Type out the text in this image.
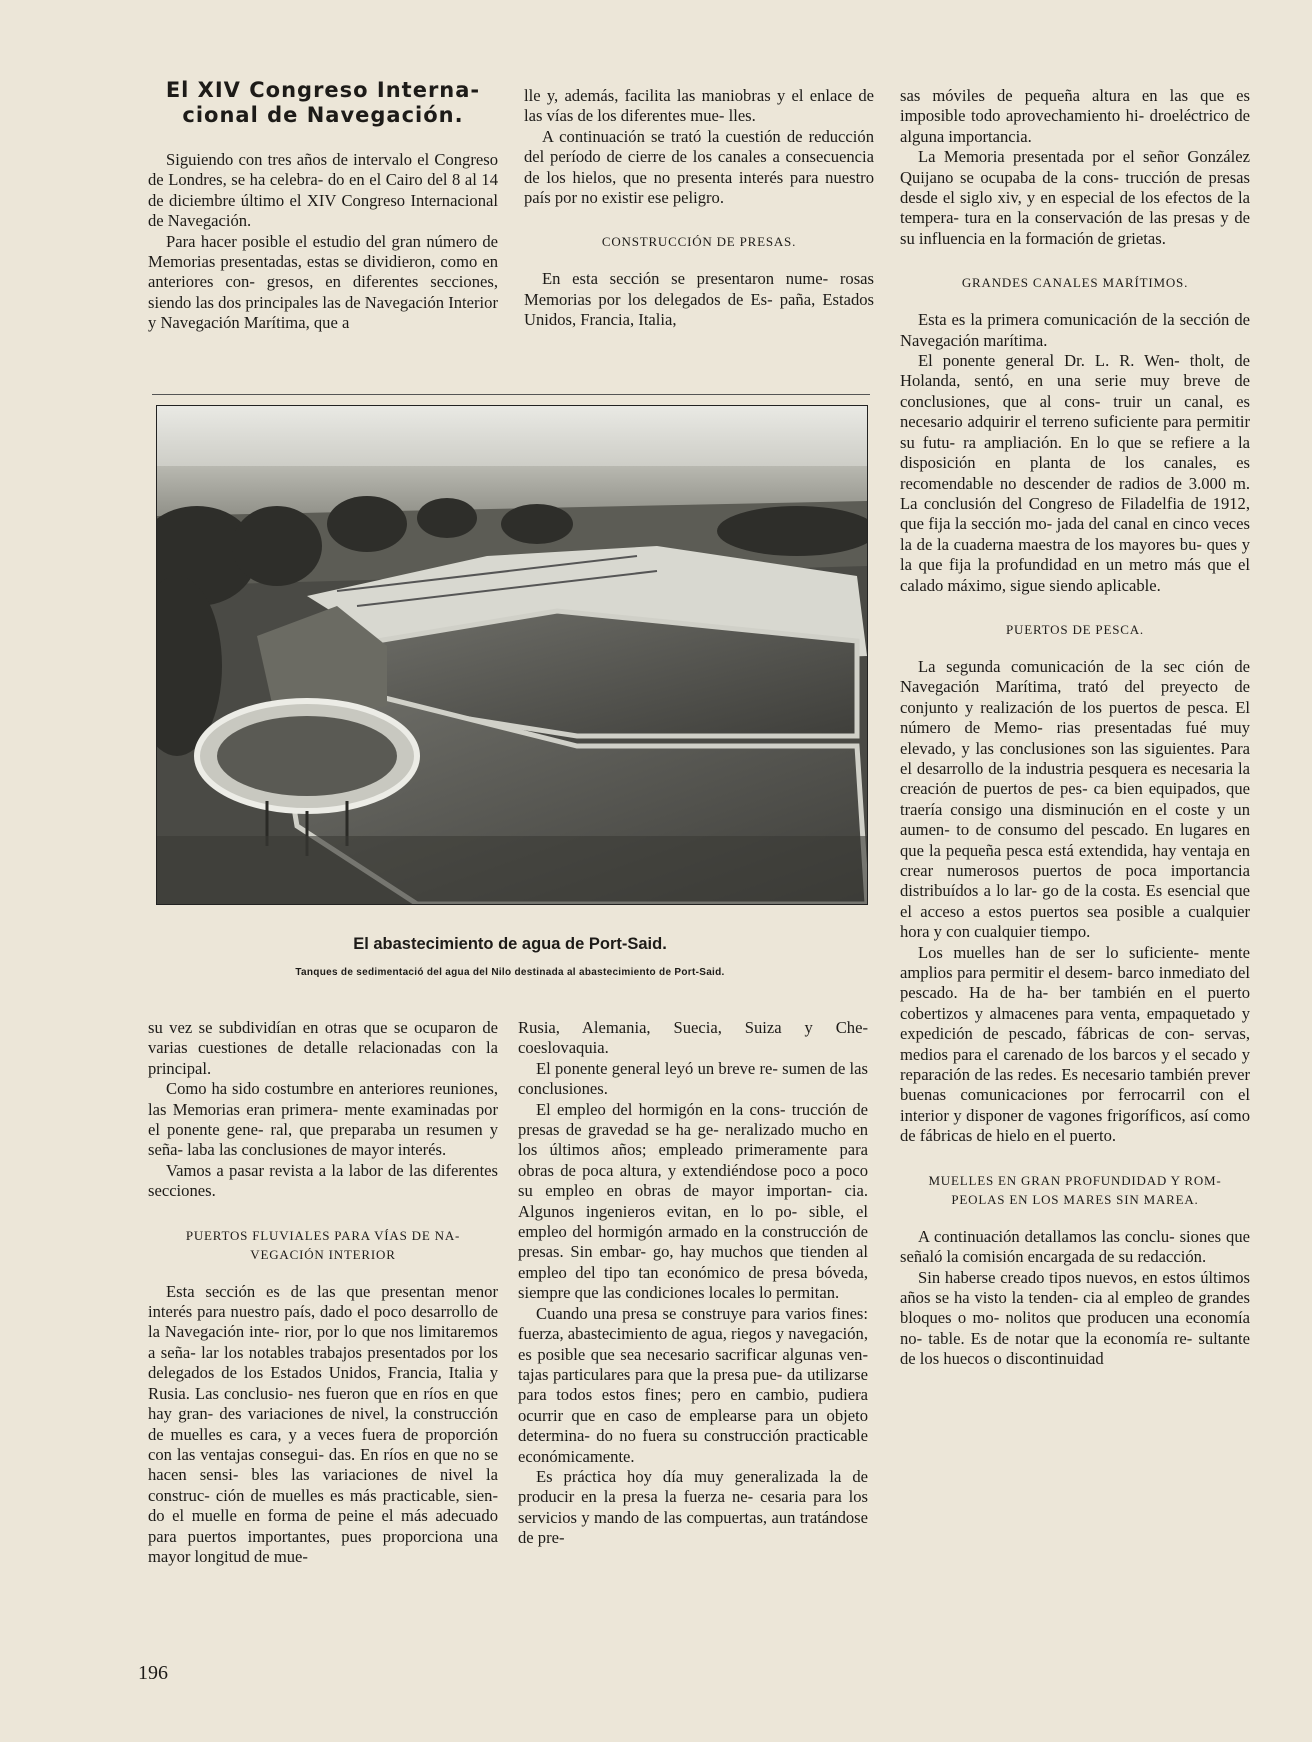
El XIV Congreso Interna- cional de Navegación.

Siguiendo con tres años de intervalo el Congreso de Londres, se ha celebra- do en el Cairo del 8 al 14 de diciembre último el XIV Congreso Internacional de Navegación.

Para hacer posible el estudio del gran número de Memorias presentadas, estas se dividieron, como en anteriores con- gresos, en diferentes secciones, siendo las dos principales las de Navegación Interior y Navegación Marítima, que a

lle y, además, facilita las maniobras y el enlace de las vías de los diferentes mue- lles.

A continuación se trató la cuestión de reducción del período de cierre de los canales a consecuencia de los hielos, que no presenta interés para nuestro país por no existir ese peligro.

CONSTRUCCIÓN DE PRESAS.

En esta sección se presentaron nume- rosas Memorias por los delegados de Es- paña, Estados Unidos, Francia, Italia,

sas móviles de pequeña altura en las que es imposible todo aprovechamiento hi- droeléctrico de alguna importancia.

La Memoria presentada por el señor González Quijano se ocupaba de la cons- trucción de presas desde el siglo xiv, y en especial de los efectos de la tempera- tura en la conservación de las presas y de su influencia en la formación de grietas.

GRANDES CANALES MARÍTIMOS.

Esta es la primera comunicación de la sección de Navegación marítima.

El ponente general Dr. L. R. Wen- tholt, de Holanda, sentó, en una serie muy breve de conclusiones, que al cons- truir un canal, es necesario adquirir el terreno suficiente para permitir su futu- ra ampliación. En lo que se refiere a la disposición en planta de los canales, es recomendable no descender de radios de 3.000 m. La conclusión del Congreso de Filadelfia de 1912, que fija la sección mo- jada del canal en cinco veces la de la cuaderna maestra de los mayores bu- ques y la que fija la profundidad en un metro más que el calado máximo, sigue siendo aplicable.

PUERTOS DE PESCA.

La segunda comunicación de la sec ción de Navegación Marítima, trató del preyecto de conjunto y realización de los puertos de pesca. El número de Memo- rias presentadas fué muy elevado, y las conclusiones son las siguientes. Para el desarrollo de la industria pesquera es necesaria la creación de puertos de pes- ca bien equipados, que traería consigo una disminución en el coste y un aumen- to de consumo del pescado. En lugares en que la pequeña pesca está extendida, hay ventaja en crear numerosos puertos de poca importancia distribuídos a lo lar- go de la costa. Es esencial que el acceso a estos puertos sea posible a cualquier hora y con cualquier tiempo.

Los muelles han de ser lo suficiente- mente amplios para permitir el desem- barco inmediato del pescado. Ha de ha- ber también en el puerto cobertizos y almacenes para venta, empaquetado y expedición de pescado, fábricas de con- servas, medios para el carenado de los barcos y el secado y reparación de las redes. Es necesario también prever buenas comunicaciones por ferrocarril con el interior y disponer de vagones frigoríficos, así como de fábricas de hielo en el puerto.

MUELLES EN GRAN PROFUNDIDAD Y ROM- PEOLAS EN LOS MARES SIN MAREA.

A continuación detallamos las conclu- siones que señaló la comisión encargada de su redacción.

Sin haberse creado tipos nuevos, en estos últimos años se ha visto la tenden- cia al empleo de grandes bloques o mo- nolitos que producen una economía no- table. Es de notar que la economía re- sultante de los huecos o discontinuidad

El abastecimiento de agua de Port-Said.
Tanques de sedimentació del agua del Nilo destinada al abastecimiento de Port-Said.

su vez se subdividían en otras que se ocuparon de varias cuestiones de detalle relacionadas con la principal.

Como ha sido costumbre en anteriores reuniones, las Memorias eran primera- mente examinadas por el ponente gene- ral, que preparaba un resumen y seña- laba las conclusiones de mayor interés.

Vamos a pasar revista a la labor de las diferentes secciones.

PUERTOS FLUVIALES PARA VÍAS DE NA- VEGACIÓN INTERIOR

Esta sección es de las que presentan menor interés para nuestro país, dado el poco desarrollo de la Navegación inte- rior, por lo que nos limitaremos a seña- lar los notables trabajos presentados por los delegados de los Estados Unidos, Francia, Italia y Rusia. Las conclusio- nes fueron que en ríos en que hay gran- des variaciones de nivel, la construcción de muelles es cara, y a veces fuera de proporción con las ventajas consegui- das. En ríos en que no se hacen sensi- bles las variaciones de nivel la construc- ción de muelles es más practicable, sien- do el muelle en forma de peine el más adecuado para puertos importantes, pues proporciona una mayor longitud de mue-

Rusia, Alemania, Suecia, Suiza y Che- coeslovaquia.

El ponente general leyó un breve re- sumen de las conclusiones.

El empleo del hormigón en la cons- trucción de presas de gravedad se ha ge- neralizado mucho en los últimos años; empleado primeramente para obras de poca altura, y extendiéndose poco a poco su empleo en obras de mayor importan- cia. Algunos ingenieros evitan, en lo po- sible, el empleo del hormigón armado en la construcción de presas. Sin embar- go, hay muchos que tienden al empleo del tipo tan económico de presa bóveda, siempre que las condiciones locales lo permitan.

Cuando una presa se construye para varios fines: fuerza, abastecimiento de agua, riegos y navegación, es posible que sea necesario sacrificar algunas ven- tajas particulares para que la presa pue- da utilizarse para todos estos fines; pero en cambio, pudiera ocurrir que en caso de emplearse para un objeto determina- do no fuera su construcción practicable económicamente.

Es práctica hoy día muy generalizada la de producir en la presa la fuerza ne- cesaria para los servicios y mando de las compuertas, aun tratándose de pre-

196
